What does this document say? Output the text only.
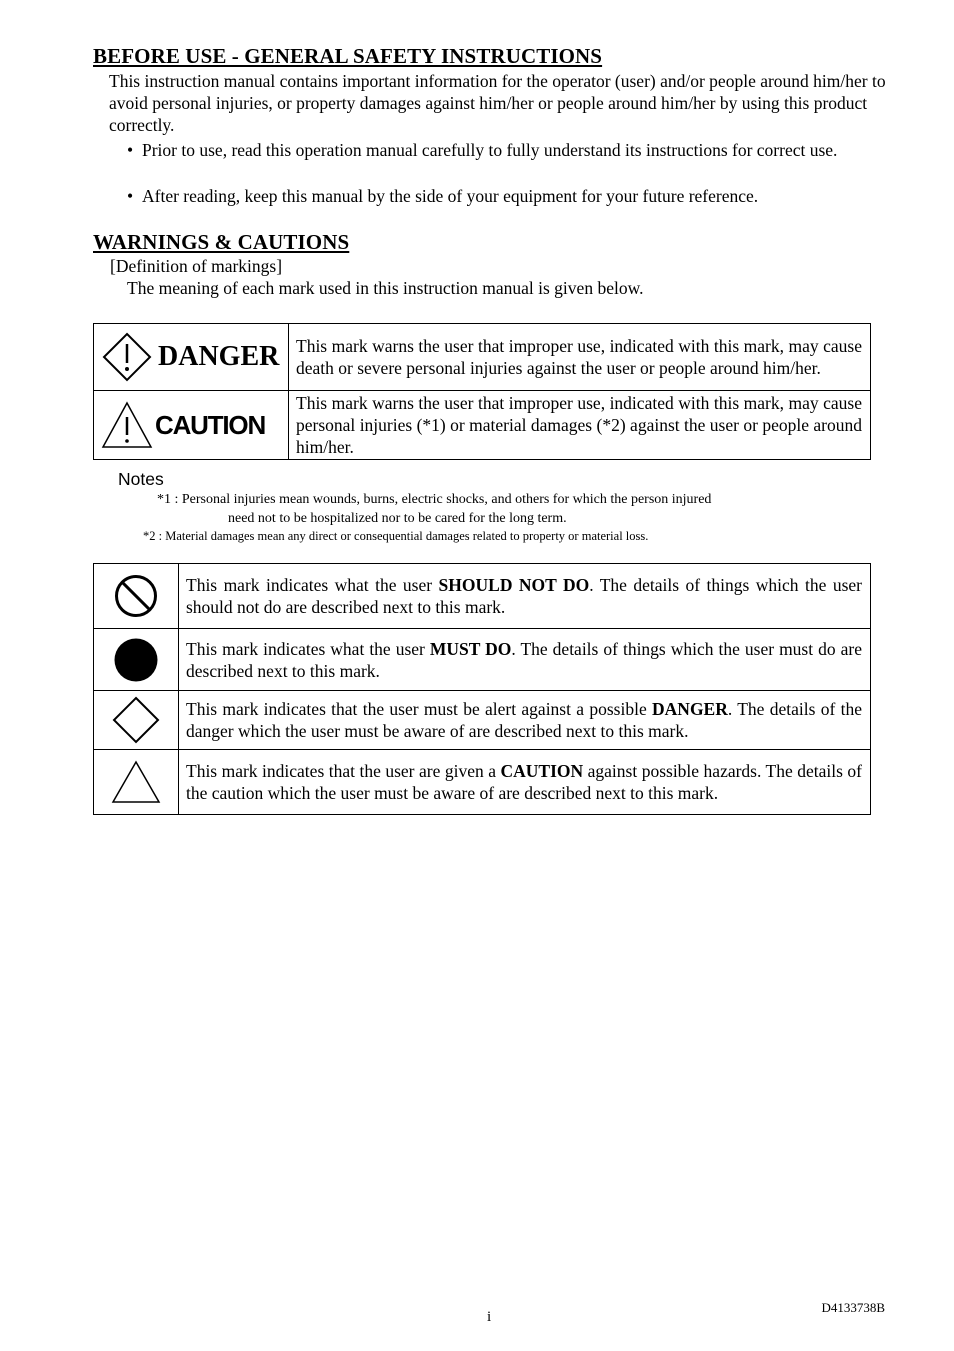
BEFORE USE - GENERAL SAFETY INSTRUCTIONS

This instruction manual contains important information for the operator (user) and/or people around him/her to avoid personal injuries, or property damages against him/her or people around him/her by using this product correctly.

• Prior to use, read this operation manual carefully to fully understand its instructions for correct use.
• After reading, keep this manual by the side of your equipment for your future reference.
WARNINGS & CAUTIONS

[Definition of markings]

The meaning of each mark used in this instruction manual is given below.

DANGER	This mark warns the user that improper use, indicated with this mark, may cause death or severe personal injuries against the user or people around him/her.

CAUTION	This mark warns the user that improper use, indicated with this mark, may cause personal injuries (*1) or material damages (*2) against the user or people around him/her.

Notes

*1 : Personal injuries mean wounds, burns, electric shocks, and others for which the person injured

need not to be hospitalized nor to be cared for the long term.

*2 : Material damages mean any direct or consequential damages related to property or material loss.

	This mark indicates what the user SHOULD NOT DO. The details of things which the user should not do are described next to this mark.

	This mark indicates what the user MUST DO. The details of things which the user must do are described next to this mark.

	This mark indicates that the user must be alert against a possible DANGER. The details of the danger which the user must be aware of are described next to this mark.

	This mark indicates that the user are given a CAUTION against possible hazards. The details of the caution which the user must be aware of are described next to this mark.

D4133738B

i
